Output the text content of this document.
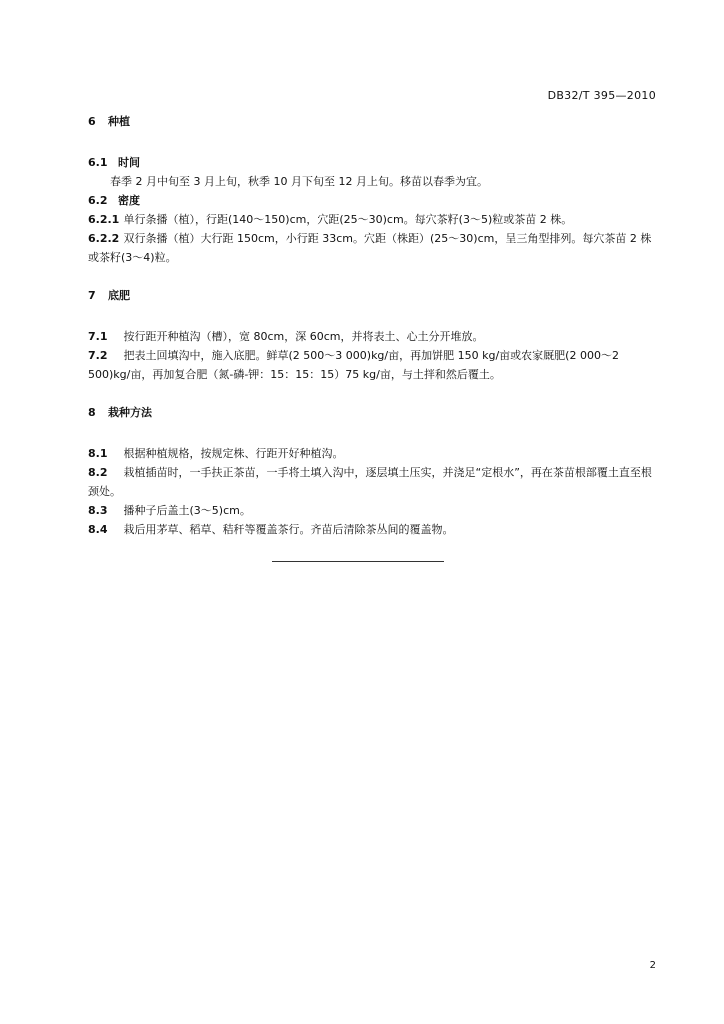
DB32/T 395—2010
6 种植
6.1 时间

春季 2 月中旬至 3 月上旬，秋季 10 月下旬至 12 月上旬。移苗以春季为宜。

6.2 密度

6.2.1 单行条播（植），行距(140～150)cm，穴距(25～30)cm。每穴茶籽(3～5)粒或茶苗 2 株。

6.2.2 双行条播（植）大行距 150cm，小行距 33cm。穴距（株距）(25～30)cm，呈三角型排列。每穴茶苗 2 株或茶籽(3～4)粒。

7 底肥

7.1 按行距开种植沟（槽），宽 80cm，深 60cm，并将表土、心土分开堆放。

7.2 把表土回填沟中，施入底肥。鲜草(2 500～3 000)kg/亩，再加饼肥 150 kg/亩或农家厩肥(2 000～2 500)kg/亩，再加复合肥（氮-磷-钾：15：15：15）75 kg/亩，与土拌和然后覆土。

8 栽种方法

8.1 根据种植规格，按规定株、行距开好种植沟。

8.2 栽植插苗时，一手扶正茶苗，一手将土填入沟中，逐层填土压实，并浇足“定根水”，再在茶苗根部覆土直至根颈处。

8.3 播种子后盖土(3～5)cm。

8.4 栽后用茅草、稻草、秸秆等覆盖茶行。齐苗后清除茶丛间的覆盖物。

2
